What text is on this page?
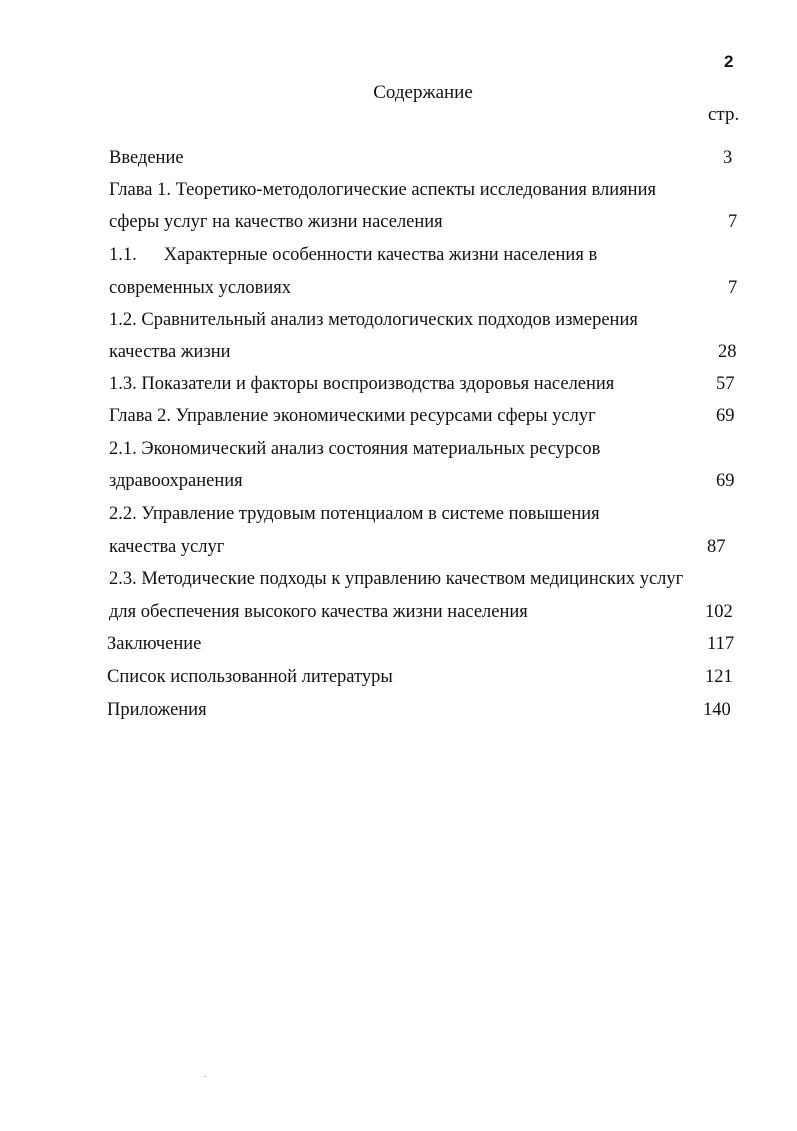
2
Содержание
стр.
Введение	3
Глава 1. Теоретико-методологические аспекты исследования влияния
сферы услуг на качество жизни населения	7
1.1. Характерные особенности качества жизни населения в
современных условиях	7
1.2. Сравнительный анализ методологических подходов измерения
качества жизни	28
1.3. Показатели и факторы воспроизводства здоровья населения	57
Глава 2. Управление экономическими ресурсами сферы услуг	69
2.1. Экономический анализ состояния материальных ресурсов
здравоохранения	69
2.2. Управление трудовым потенциалом в системе повышения
качества услуг	87
2.3. Методические подходы к управлению качеством медицинских услуг
для обеспечения высокого качества жизни населения	102
Заключение	117
Список использованной литературы	121
Приложения	140
